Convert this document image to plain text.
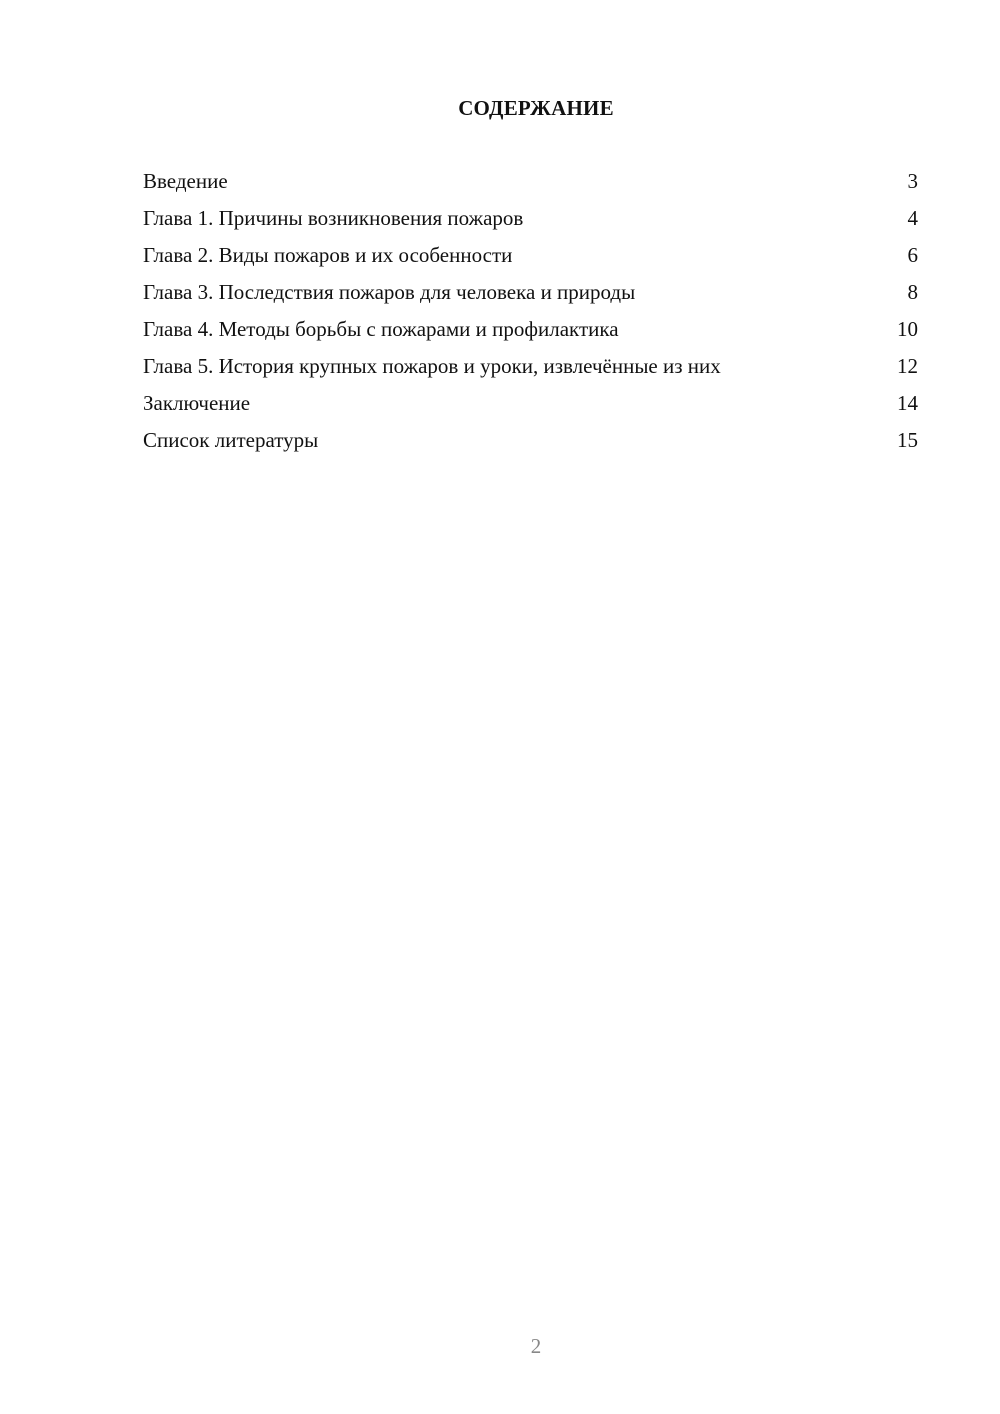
СОДЕРЖАНИЕ
Введение	3
Глава 1. Причины возникновения пожаров	4
Глава 2. Виды пожаров и их особенности	6
Глава 3. Последствия пожаров для человека и природы	8
Глава 4. Методы борьбы с пожарами и профилактика	10
Глава 5. История крупных пожаров и уроки, извлечённые из них	12
Заключение	14
Список литературы	15
2
